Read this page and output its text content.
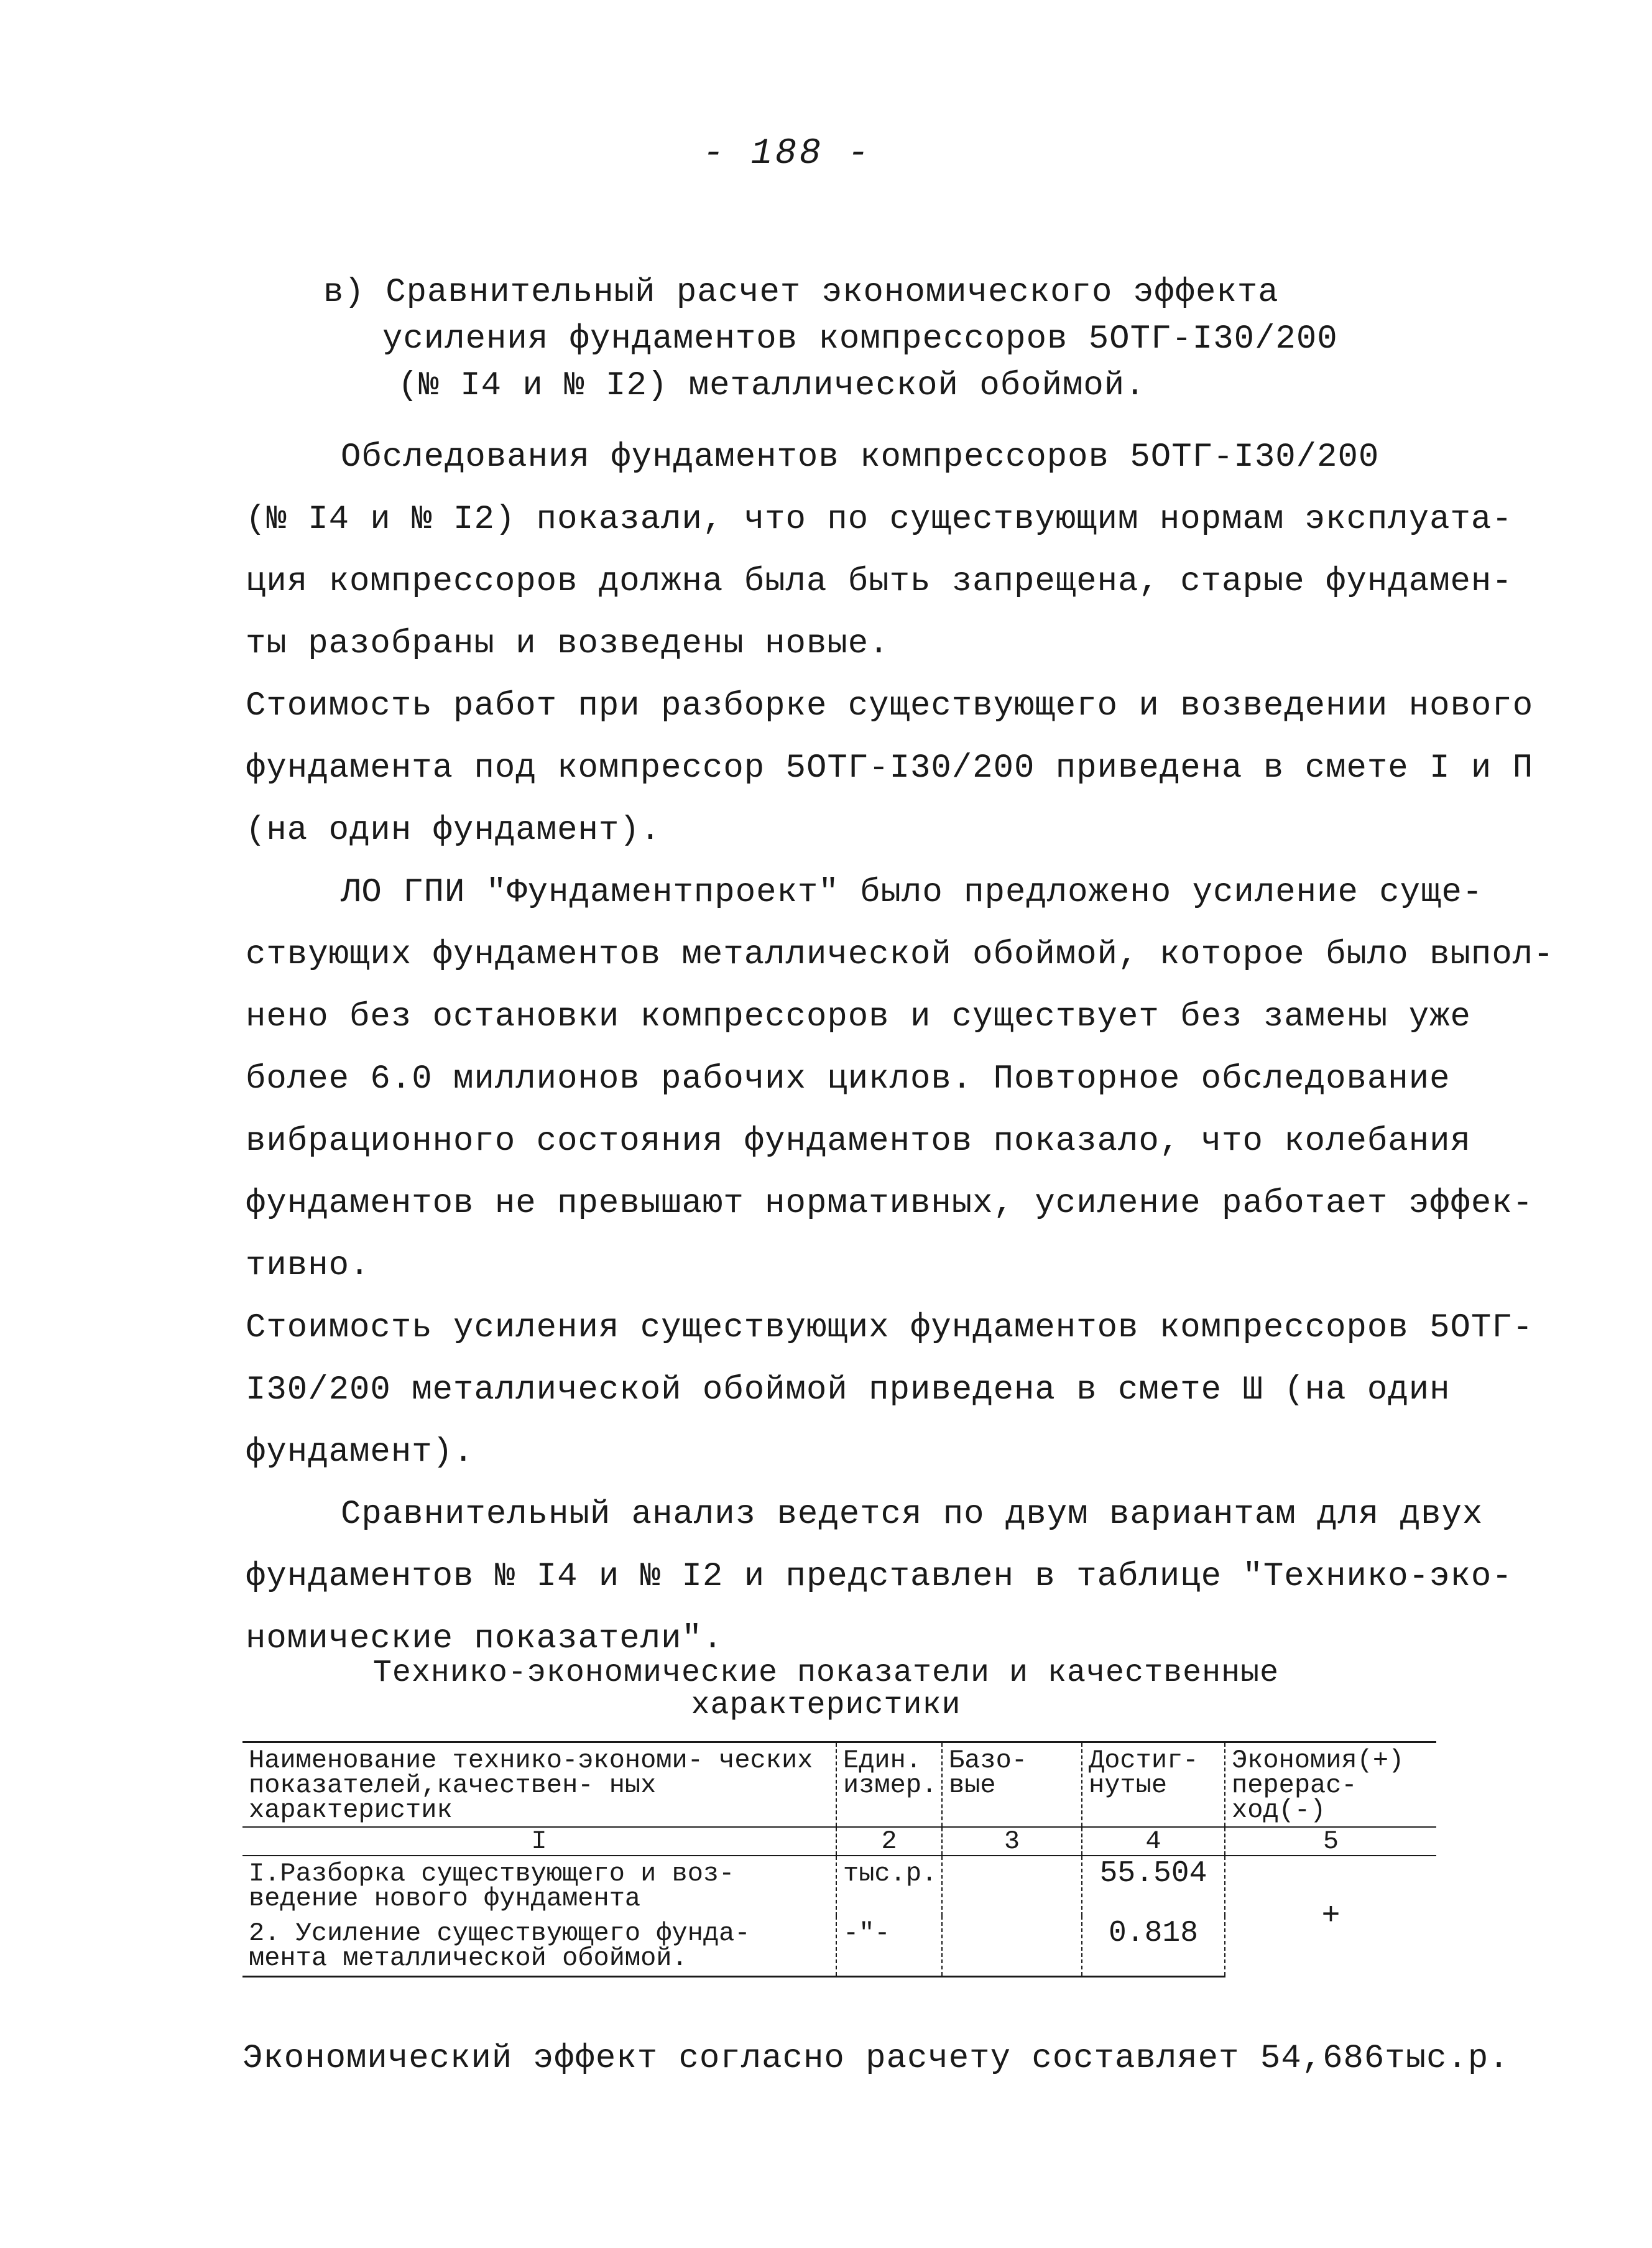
- 188 -
в) Сравнительный расчет экономического эффекта
усиления фундаментов компрессоров 5ОТГ-I30/200
(№ I4 и № I2) металлической обоймой.
Обследования фундаментов компрессоров 5ОТГ-I30/200
(№ I4 и № I2) показали, что по существующим нормам эксплуата-
ция компрессоров должна была быть запрещена, старые фундамен-
ты разобраны и возведены новые.
Стоимость работ при разборке существующего и возведении нового
фундамента под компрессор 5ОТГ-I30/200 приведена в смете I и П
(на один фундамент).
ЛО ГПИ "Фундаментпроект" было предложено усиление суще-
ствующих фундаментов металлической обоймой, которое было выпол-
нено без остановки компрессоров и существует без замены уже
более 6.0 миллионов рабочих циклов. Повторное обследование
вибрационного состояния фундаментов показало, что колебания
фундаментов не превышают нормативных, усиление работает эффек-
тивно.
Стоимость усиления существующих фундаментов компрессоров 5ОТГ-
I30/200 металлической обоймой приведена в смете Ш (на один
фундамент).
Сравнительный анализ ведется по двум вариантам для двух
фундаментов № I4 и № I2 и представлен в таблице "Технико-эко-
номические показатели".
Технико-экономические показатели и качественные
характеристики
Наименование технико-экономи- ческих показателей,качествен- ных характеристик	Един. измер.	Базо- вые	Достиг- нутые	Экономия(+) перерас- ход(-)
I	2	3	4	5
I.Разборка существующего и воз- ведение нового фундамента	тыс.р.		55.504	+
2. Усиление существующего фунда- мента металлической обоймой.	-"-		0.818	
Экономический эффект согласно расчету составляет 54,686тыс.р.
